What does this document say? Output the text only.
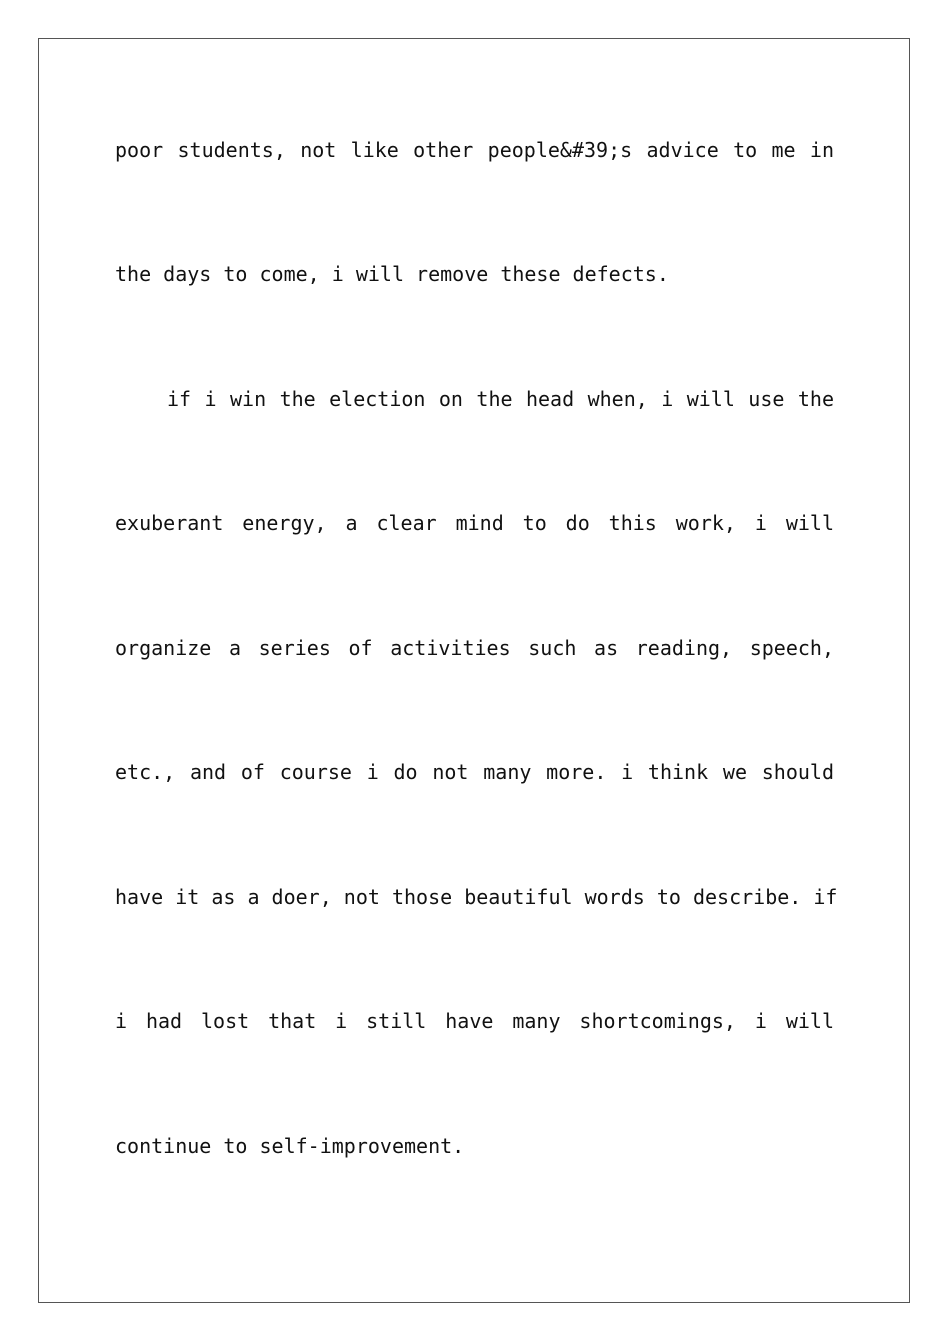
poor students, not like other people&#39;s advice to me in
the days to come, i will remove these defects.
if i win the election on the head when, i will use the
exuberant energy, a clear mind to do this work, i will
organize a series of activities such as reading, speech,
etc., and of course i do not many more. i think we should
have it as a doer, not those beautiful words to describe. if
i had lost that i still have many shortcomings, i will
continue to self-improvement.
